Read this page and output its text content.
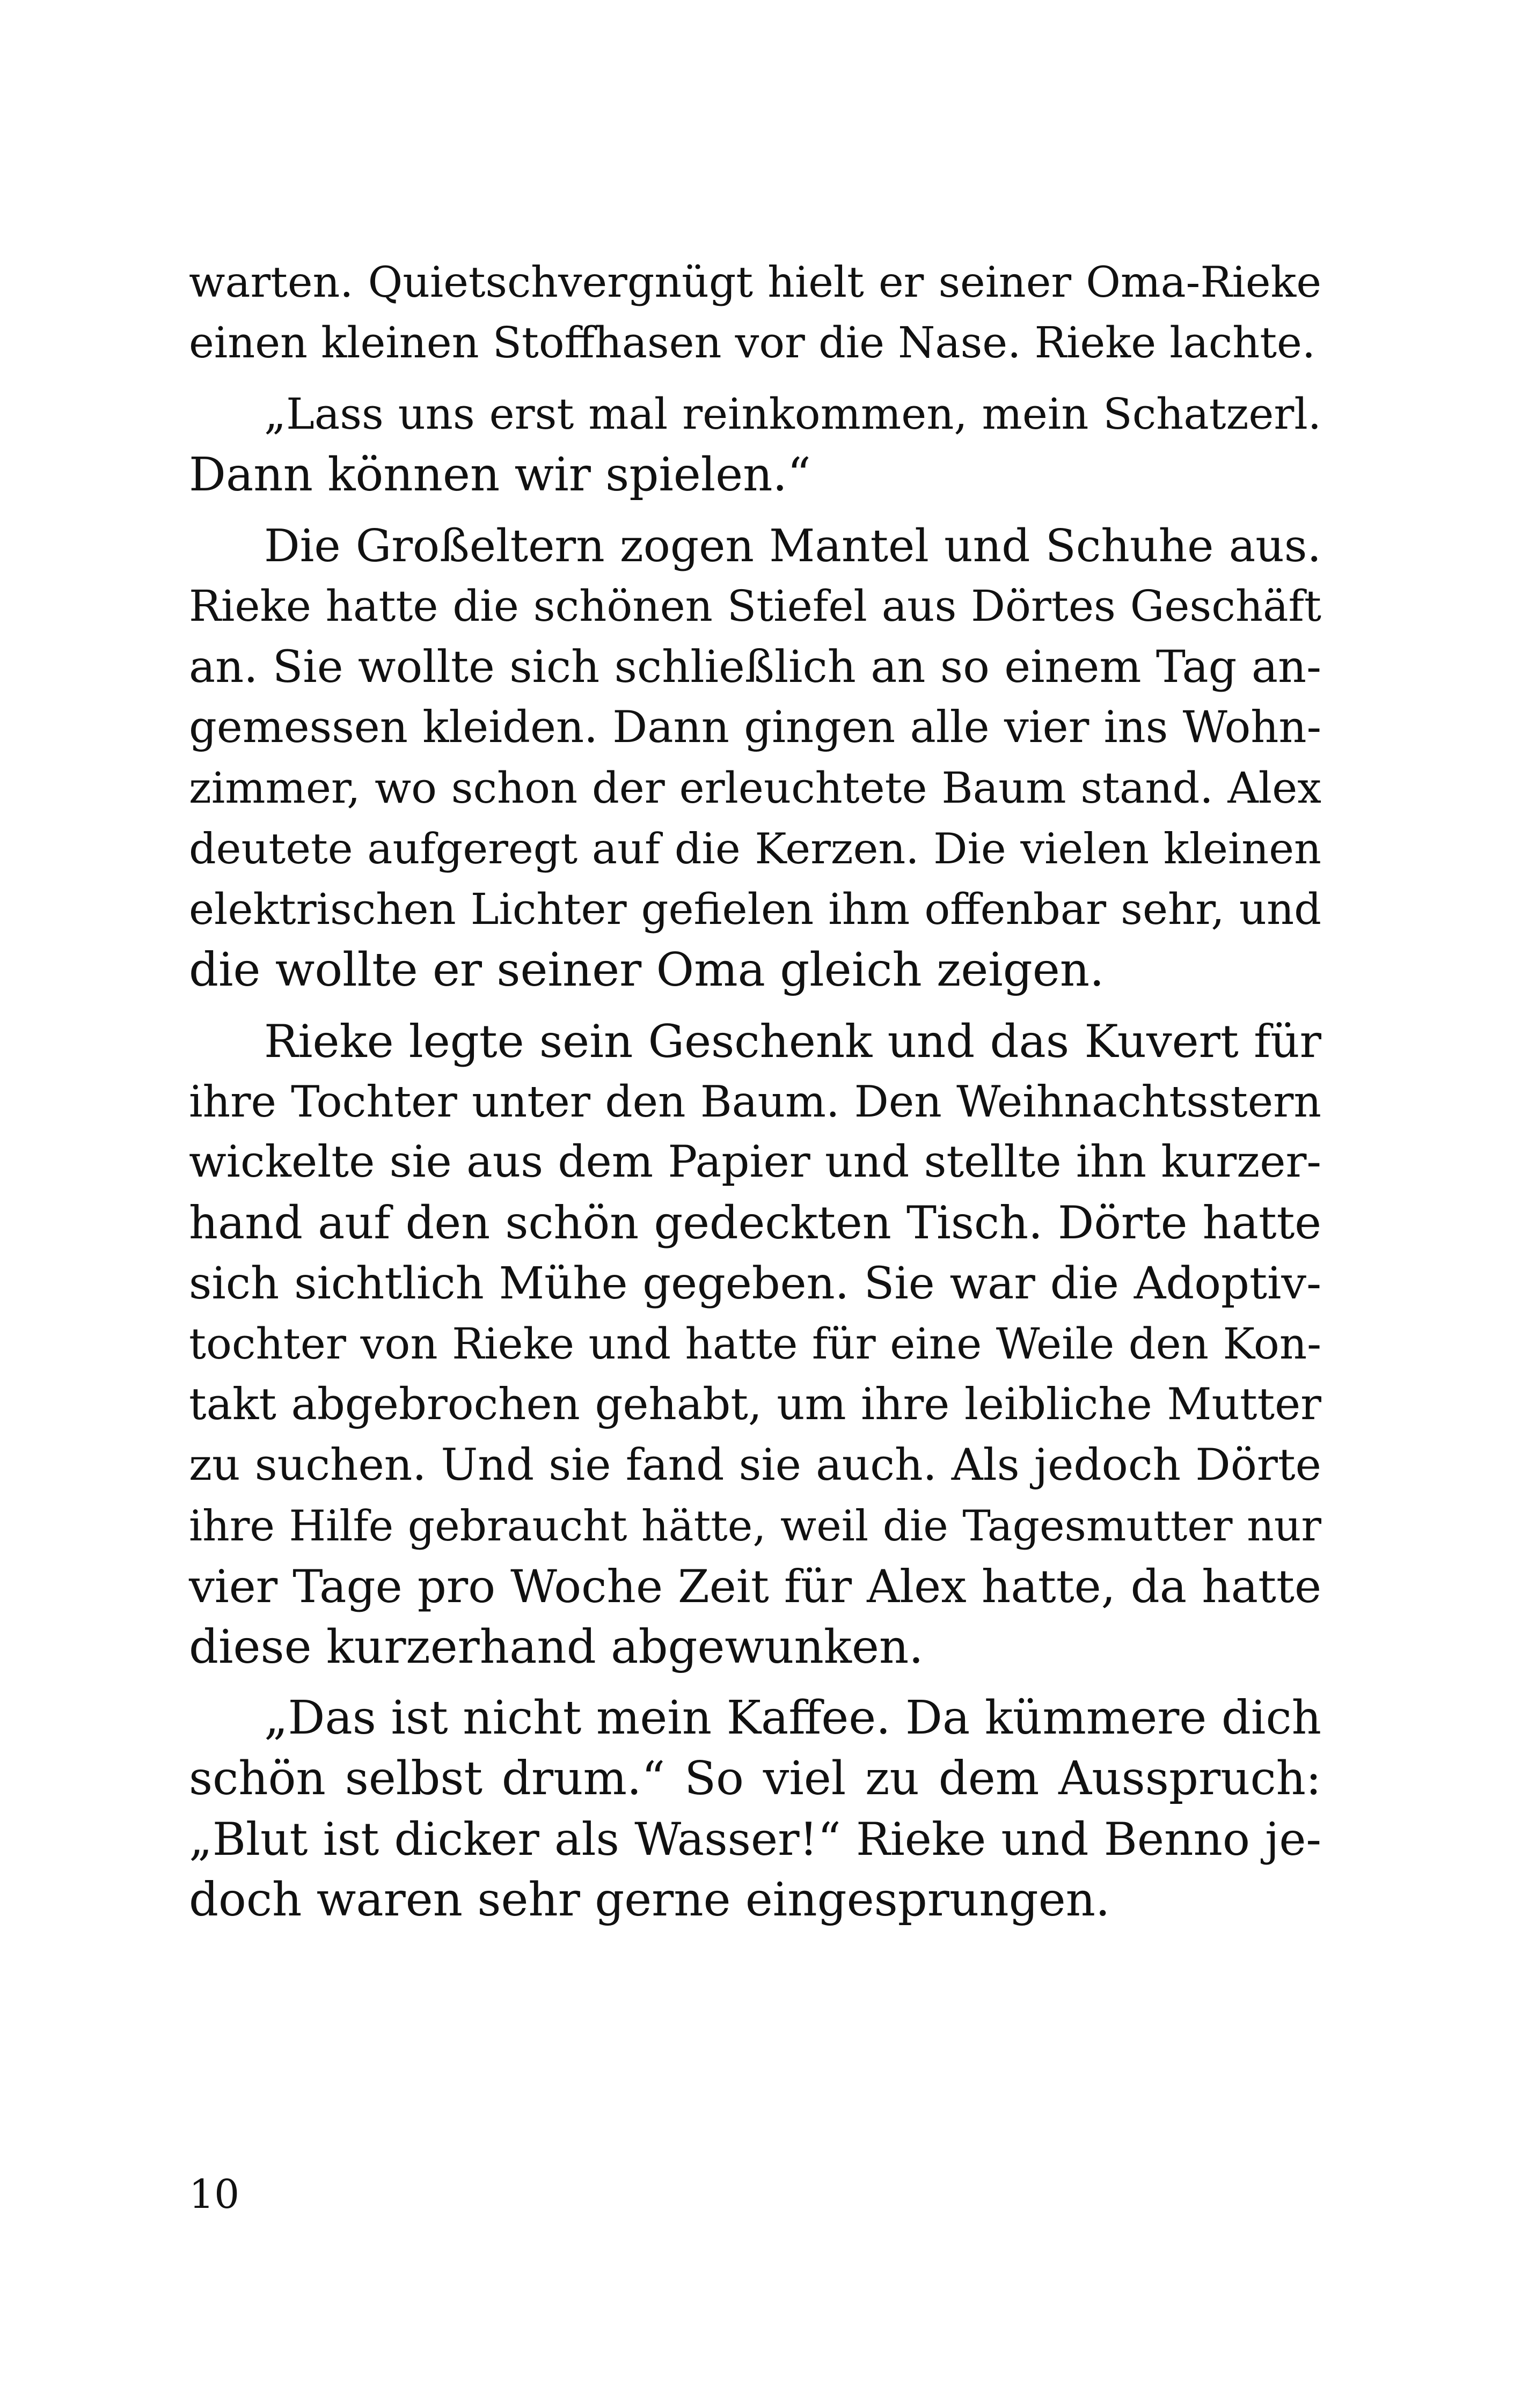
warten. Quietschvergnügt hielt er seiner Oma-Rieke
einen kleinen Stoffhasen vor die Nase. Rieke lachte.
„Lass uns erst mal reinkommen, mein Schatzerl.
Dann können wir spielen.“
Die Großeltern zogen Mantel und Schuhe aus.
Rieke hatte die schönen Stiefel aus Dörtes Geschäft
an. Sie wollte sich schließlich an so einem Tag an-
gemessen kleiden. Dann gingen alle vier ins Wohn-
zimmer, wo schon der erleuchtete Baum stand. Alex
deutete aufgeregt auf die Kerzen. Die vielen kleinen
elektrischen Lichter gefielen ihm offenbar sehr, und
die wollte er seiner Oma gleich zeigen.
Rieke legte sein Geschenk und das Kuvert für
ihre Tochter unter den Baum. Den Weihnachtsstern
wickelte sie aus dem Papier und stellte ihn kurzer-
hand auf den schön gedeckten Tisch. Dörte hatte
sich sichtlich Mühe gegeben. Sie war die Adoptiv-
tochter von Rieke und hatte für eine Weile den Kon-
takt abgebrochen gehabt, um ihre leibliche Mutter
zu suchen. Und sie fand sie auch. Als jedoch Dörte
ihre Hilfe gebraucht hätte, weil die Tagesmutter nur
vier Tage pro Woche Zeit für Alex hatte, da hatte
diese kurzerhand abgewunken.
„Das ist nicht mein Kaffee. Da kümmere dich
schön selbst drum.“ So viel zu dem Ausspruch:
„Blut ist dicker als Wasser!“ Rieke und Benno je-
doch waren sehr gerne eingesprungen.
10
